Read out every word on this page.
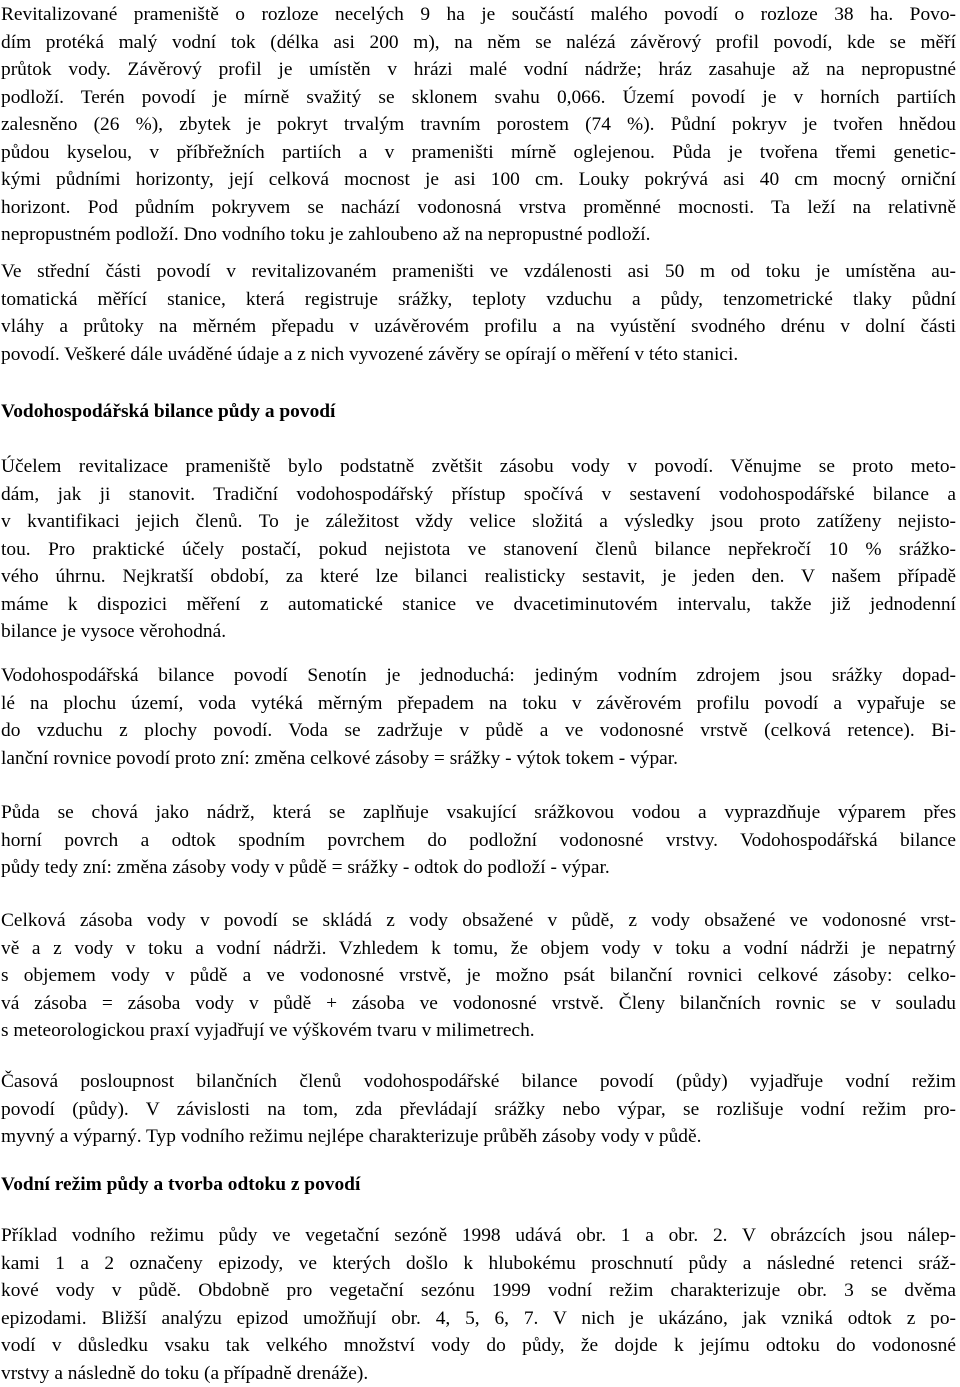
Revitalizované prameniště o rozloze necelých 9 ha je součástí malého povodí o rozloze 38 ha. Povo-
dím protéká malý vodní tok (délka asi 200 m), na něm se nalézá závěrový profil povodí, kde se měří
průtok vody. Závěrový profil je umístěn v hrázi malé vodní nádrže; hráz zasahuje až na nepropustné
podloží. Terén povodí je mírně svažitý se sklonem svahu 0,066. Území povodí je v horních partiích
zalesněno (26 %), zbytek je pokryt trvalým travním porostem (74 %). Půdní pokryv je tvořen hnědou
půdou kyselou, v příbřežních partiích a v prameništi mírně oglejenou. Půda je tvořena třemi genetic-
kými půdními horizonty, její celková mocnost je asi 100 cm. Louky pokrývá asi 40 cm mocný orniční
horizont. Pod půdním pokryvem se nachází vodonosná vrstva proměnné mocnosti. Ta leží na relativně
nepropustném podloží. Dno vodního toku je zahloubeno až na nepropustné podloží.
Ve střední části povodí v revitalizovaném prameništi ve vzdálenosti asi 50 m od toku je umístěna au-
tomatická měřící stanice, která registruje srážky, teploty vzduchu a půdy, tenzometrické tlaky půdní
vláhy a průtoky na měrném přepadu v uzávěrovém profilu a na vyústění svodného drénu v dolní části
povodí. Veškeré dále uváděné údaje a z nich vyvozené závěry se opírají o měření v této stanici.
Vodohospodářská bilance půdy a povodí
Účelem revitalizace prameniště bylo podstatně zvětšit zásobu vody v povodí. Věnujme se proto meto-
dám, jak ji stanovit. Tradiční vodohospodářský přístup spočívá v sestavení vodohospodářské bilance a
v kvantifikaci jejich členů. To je záležitost vždy velice složitá a výsledky jsou proto zatíženy nejisto-
tou. Pro praktické účely postačí, pokud nejistota ve stanovení členů bilance nepřekročí 10 % srážko-
vého úhrnu. Nejkratší období, za které lze bilanci realisticky sestavit, je jeden den. V našem případě
máme k dispozici měření z automatické stanice ve dvacetiminutovém intervalu, takže již jednodenní
bilance je vysoce věrohodná.
Vodohospodářská bilance povodí Senotín je jednoduchá: jediným vodním zdrojem jsou srážky dopad-
lé na plochu území, voda vytéká měrným přepadem na toku v závěrovém profilu povodí a vypařuje se
do vzduchu z plochy povodí. Voda se zadržuje v půdě a ve vodonosné vrstvě (celková retence). Bi-
lanční rovnice povodí proto zní: změna celkové zásoby = srážky - výtok tokem - výpar.
Půda se chová jako nádrž, která se zaplňuje vsakující srážkovou vodou a vyprazdňuje výparem přes
horní povrch a odtok spodním povrchem do podložní vodonosné vrstvy. Vodohospodářská bilance
půdy tedy zní: změna zásoby vody v půdě = srážky - odtok do podloží - výpar.
Celková zásoba vody v povodí se skládá z vody obsažené v půdě, z vody obsažené ve vodonosné vrst-
vě a z vody v toku a vodní nádrži. Vzhledem k tomu, že objem vody v toku a vodní nádrži je nepatrný
s objemem vody v půdě a ve vodonosné vrstvě, je možno psát bilanční rovnici celkové zásoby: celko-
vá zásoba = zásoba vody v půdě + zásoba ve vodonosné vrstvě. Členy bilančních rovnic se v souladu
s meteorologickou praxí vyjadřují ve výškovém tvaru v milimetrech.
Časová posloupnost bilančních členů vodohospodářské bilance povodí (půdy) vyjadřuje vodní režim
povodí (půdy). V závislosti na tom, zda převládají srážky nebo výpar, se rozlišuje vodní režim pro-
myvný a výparný. Typ vodního režimu nejlépe charakterizuje průběh zásoby vody v půdě.
Vodní režim půdy a tvorba odtoku z povodí
Příklad vodního režimu půdy ve vegetační sezóně 1998 udává obr. 1 a obr. 2. V obrázcích jsou nálep-
kami 1 a 2 označeny epizody, ve kterých došlo k hlubokému proschnutí půdy a následné retenci sráž-
kové vody v půdě. Obdobně pro vegetační sezónu 1999 vodní režim charakterizuje obr. 3 se dvěma
epizodami. Bližší analýzu epizod umožňují obr. 4, 5, 6, 7. V nich je ukázáno, jak vzniká odtok z po-
vodí v důsledku vsaku tak velkého množství vody do půdy, že dojde k jejímu odtoku do vodonosné
vrstvy a následně do toku (a případně drenáže).
